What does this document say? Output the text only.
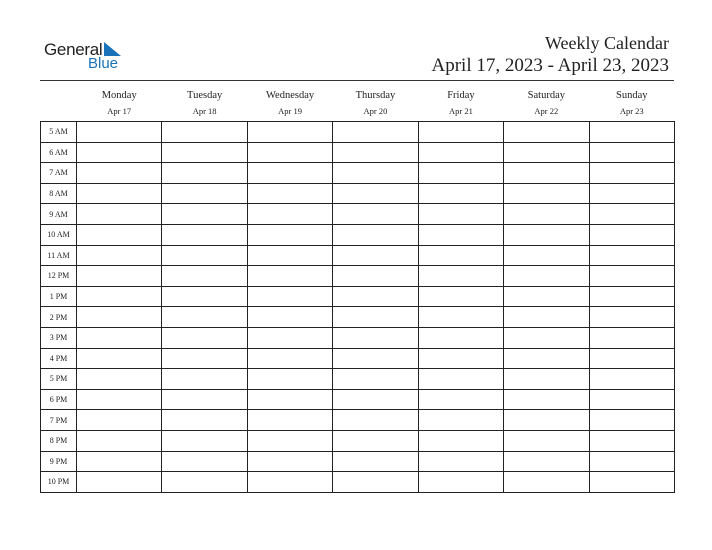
General
Blue
Weekly Calendar
April 17, 2023 - April 23, 2023
	Monday	Tuesday	Wednesday	Thursday	Friday	Saturday	Sunday
	Apr 17	Apr 18	Apr 19	Apr 20	Apr 21	Apr 22	Apr 23
5 AM							
6 AM							
7 AM							
8 AM							
9 AM							
10 AM							
11 AM							
12 PM							
1 PM							
2 PM							
3 PM							
4 PM							
5 PM							
6 PM							
7 PM							
8 PM							
9 PM							
10 PM							
